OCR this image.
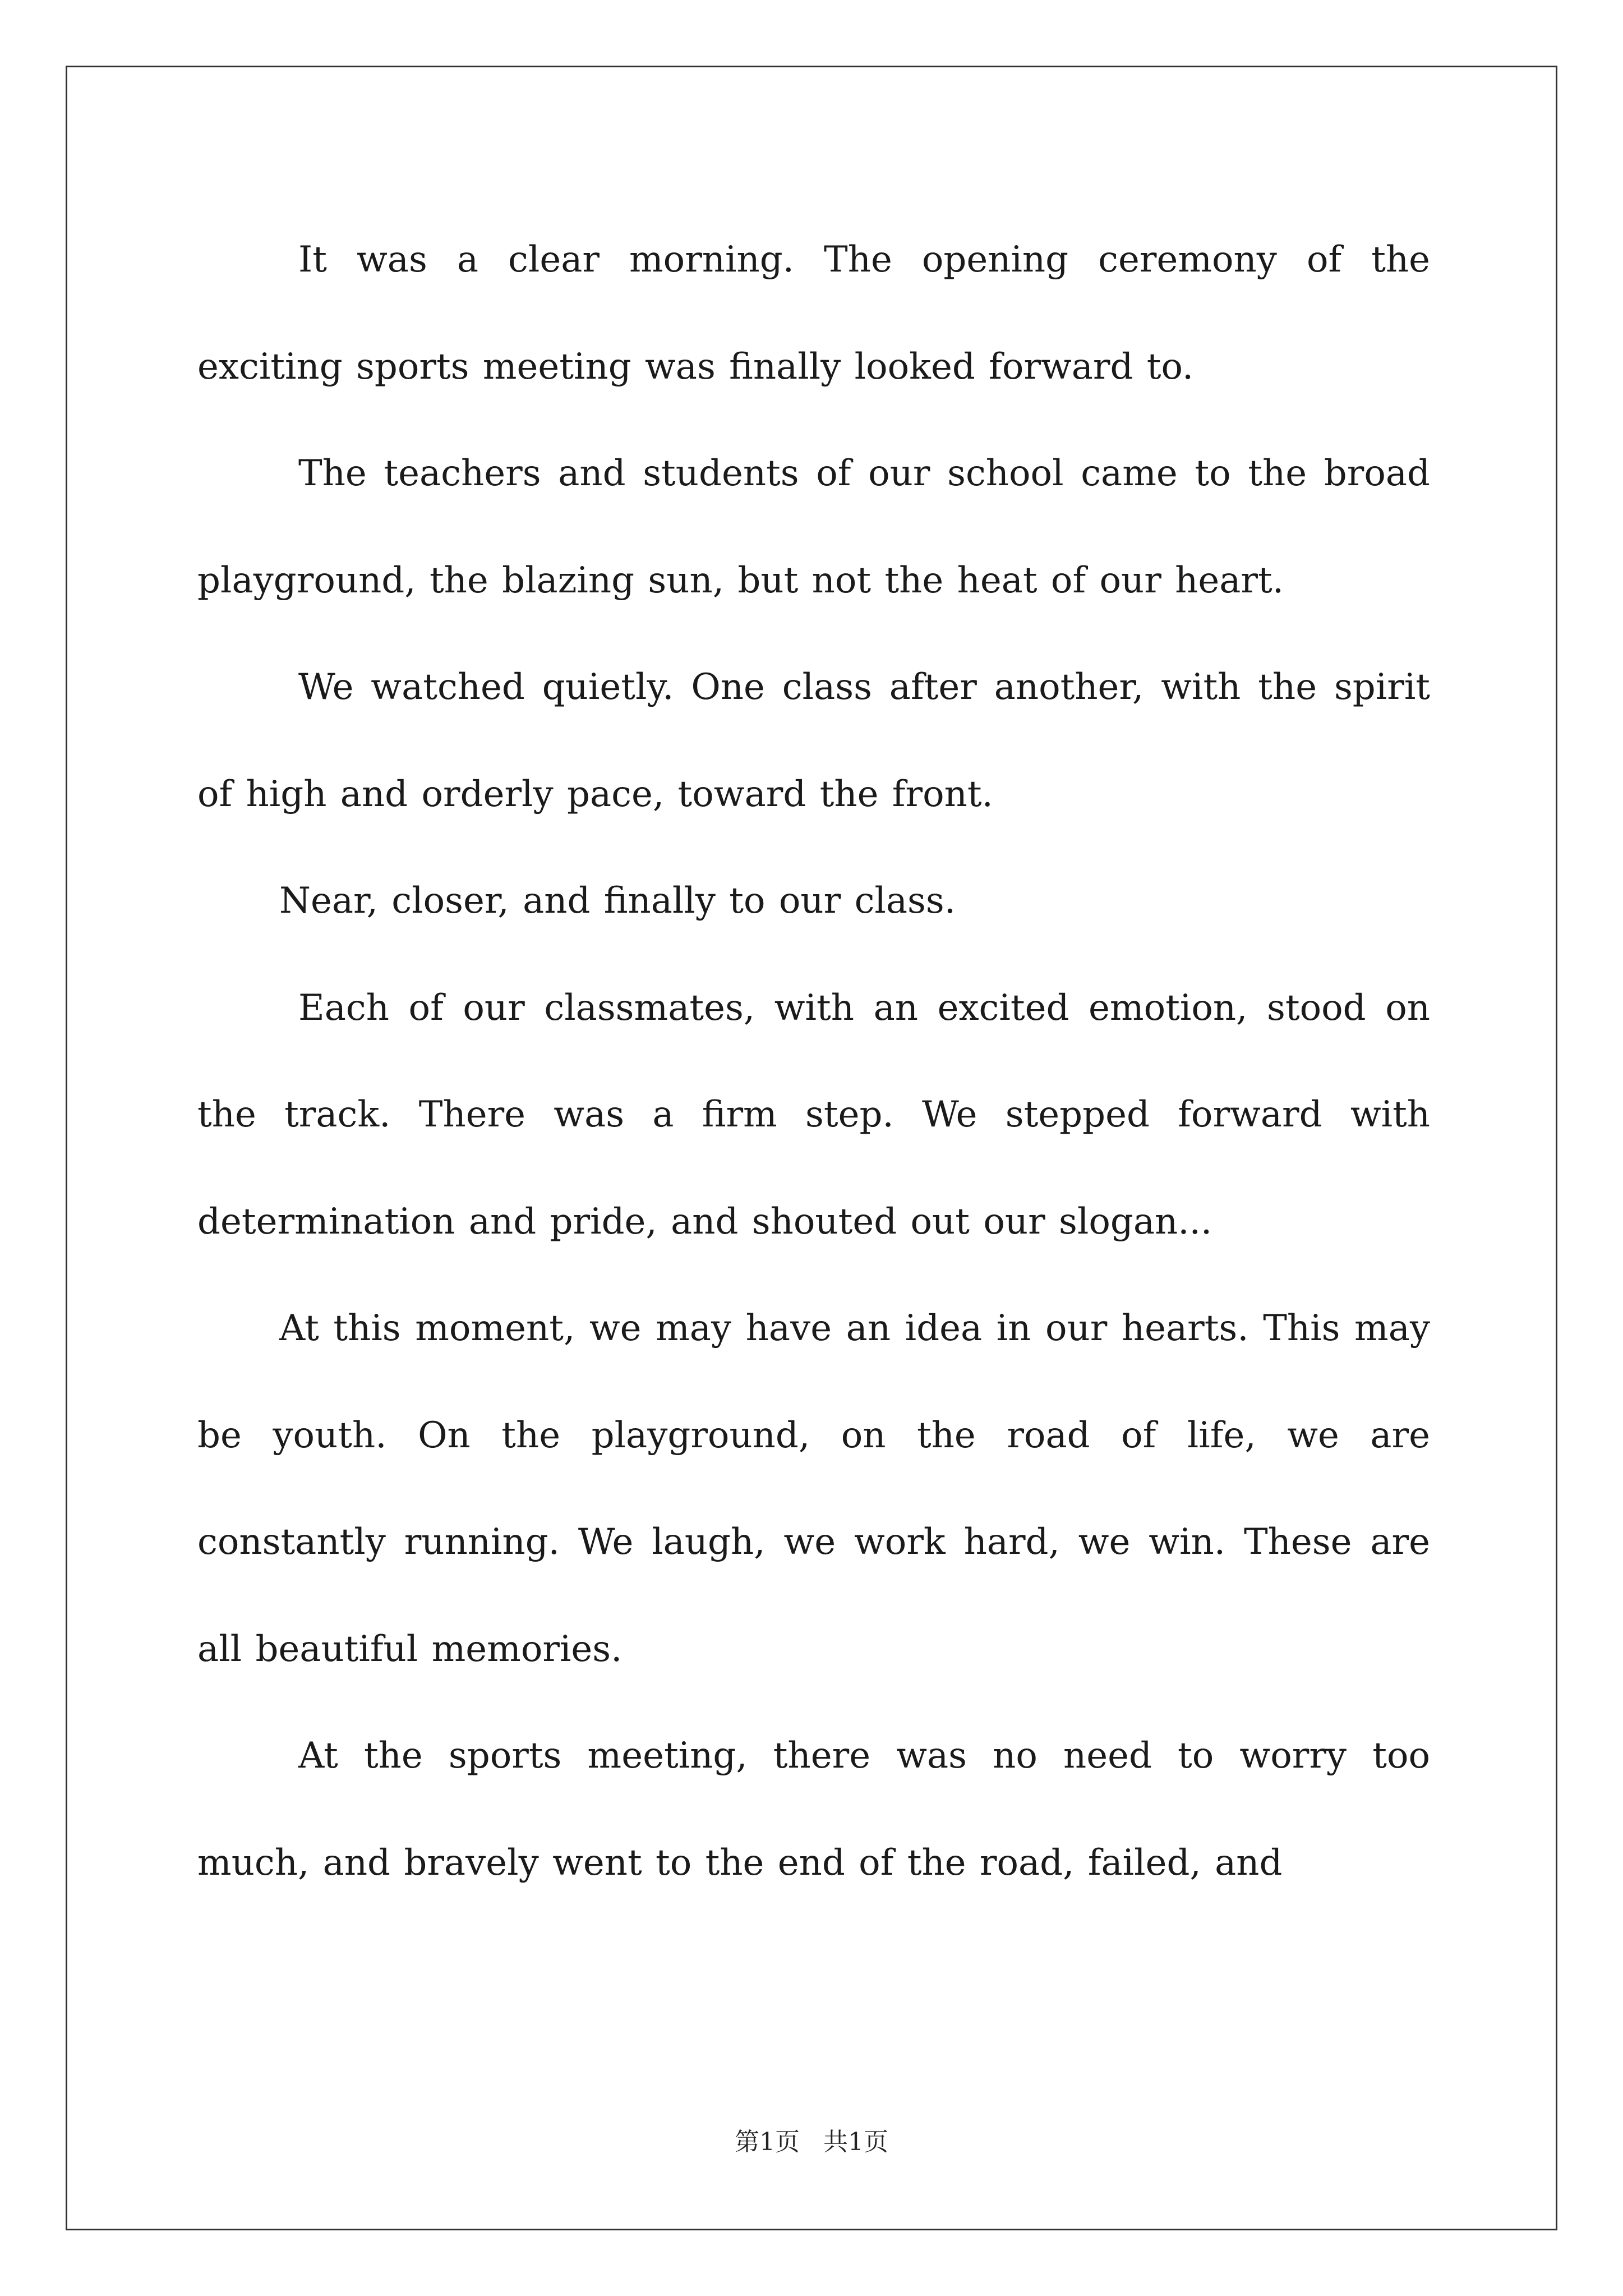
It was a clear morning. The opening ceremony of the exciting sports meeting was finally looked forward to.

The teachers and students of our school came to the broad playground, the blazing sun, but not the heat of our heart.

We watched quietly. One class after another, with the spirit of high and orderly pace, toward the front.

Near, closer, and finally to our class.

Each of our classmates, with an excited emotion, stood on the track. There was a firm step. We stepped forward with determination and pride, and shouted out our slogan...

At this moment, we may have an idea in our hearts. This may be youth. On the playground, on the road of life, we are constantly running. We laugh, we work hard, we win. These are all beautiful memories.

At the sports meeting, there was no need to worry too much, and bravely went to the end of the road, failed, and

第1页 共1页
